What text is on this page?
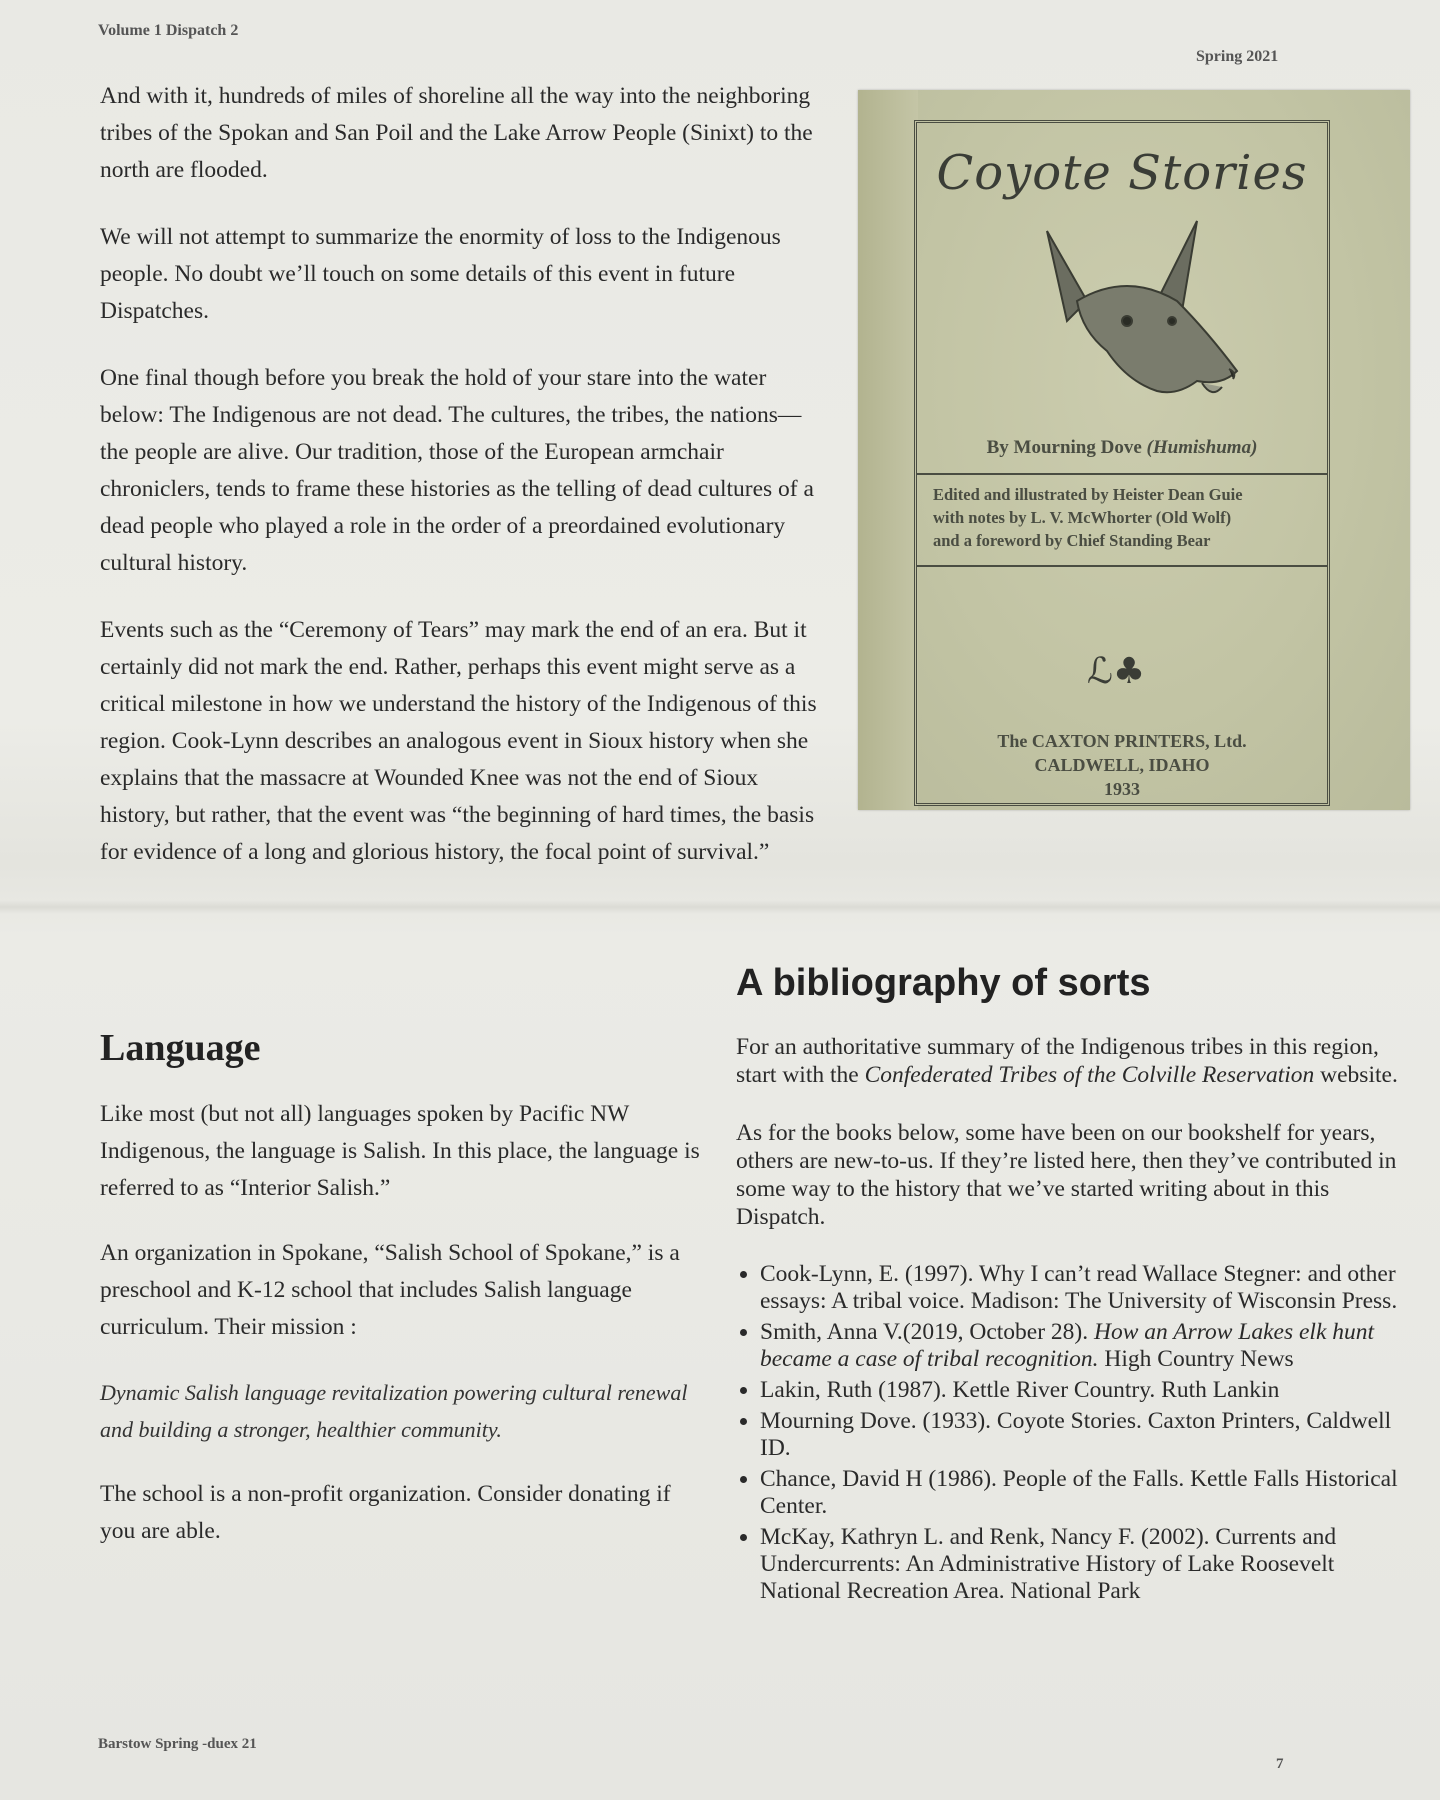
Volume 1 Dispatch 2
Spring 2021

And with it, hundreds of miles of shoreline all the way into the neighboring tribes of the Spokan and San Poil and the Lake Arrow People (Sinixt) to the north are flooded.

We will not attempt to summarize the enormity of loss to the Indigenous people. No doubt we’ll touch on some details of this event in future Dispatches.

One final though before you break the hold of your stare into the water below: The Indigenous are not dead. The cultures, the tribes, the nations—the people are alive. Our tradition, those of the European armchair chroniclers, tends to frame these histories as the telling of dead cultures of a dead people who played a role in the order of a preordained evolutionary cultural history.

Events such as the “Ceremony of Tears” may mark the end of an era. But it certainly did not mark the end. Rather, perhaps this event might serve as a critical milestone in how we understand the history of the Indigenous of this region. Cook-Lynn describes an analogous event in Sioux history when she explains that the massacre at Wounded Knee was not the end of Sioux history, but rather, that the event was “the beginning of hard times, the basis for evidence of a long and glorious history, the focal point of survival.”

Coyote Stories
By Mourning Dove (Humishuma)
Edited and illustrated by Heister Dean Guie
with notes by L. V. McWhorter (Old Wolf)
and a foreword by Chief Standing Bear
ℒ♣
The CAXTON PRINTERS, Ltd.
CALDWELL, IDAHO
1933
A bibliography of sorts

For an authoritative summary of the Indigenous tribes in this region, start with the Confederated Tribes of the Colville Reservation website.

As for the books below, some have been on our bookshelf for years, others are new-to-us. If they’re listed here, then they’ve contributed in some way to the history that we’ve started writing about in this Dispatch.

• Cook-Lynn, E. (1997). Why I can’t read Wallace Stegner: and other essays: A tribal voice. Madison: The University of Wisconsin Press.
• Smith, Anna V.(2019, October 28). How an Arrow Lakes elk hunt became a case of tribal recognition. High Country News
• Lakin, Ruth (1987). Kettle River Country. Ruth Lankin
• Mourning Dove. (1933). Coyote Stories. Caxton Printers, Caldwell ID.
• Chance, David H (1986). People of the Falls. Kettle Falls Historical Center.
• McKay, Kathryn L. and Renk, Nancy F. (2002). Currents and Undercurrents: An Administrative History of Lake Roosevelt National Recreation Area. National Park
Language

Like most (but not all) languages spoken by Pacific NW Indigenous, the language is Salish. In this place, the language is referred to as “Interior Salish.”

An organization in Spokane, “Salish School of Spokane,” is a preschool and K-12 school that includes Salish language curriculum. Their mission :

Dynamic Salish language revitalization powering cultural renewal and building a stronger, healthier community.

The school is a non-profit organization. Consider donating if you are able.

Barstow Spring -duex 21
7
